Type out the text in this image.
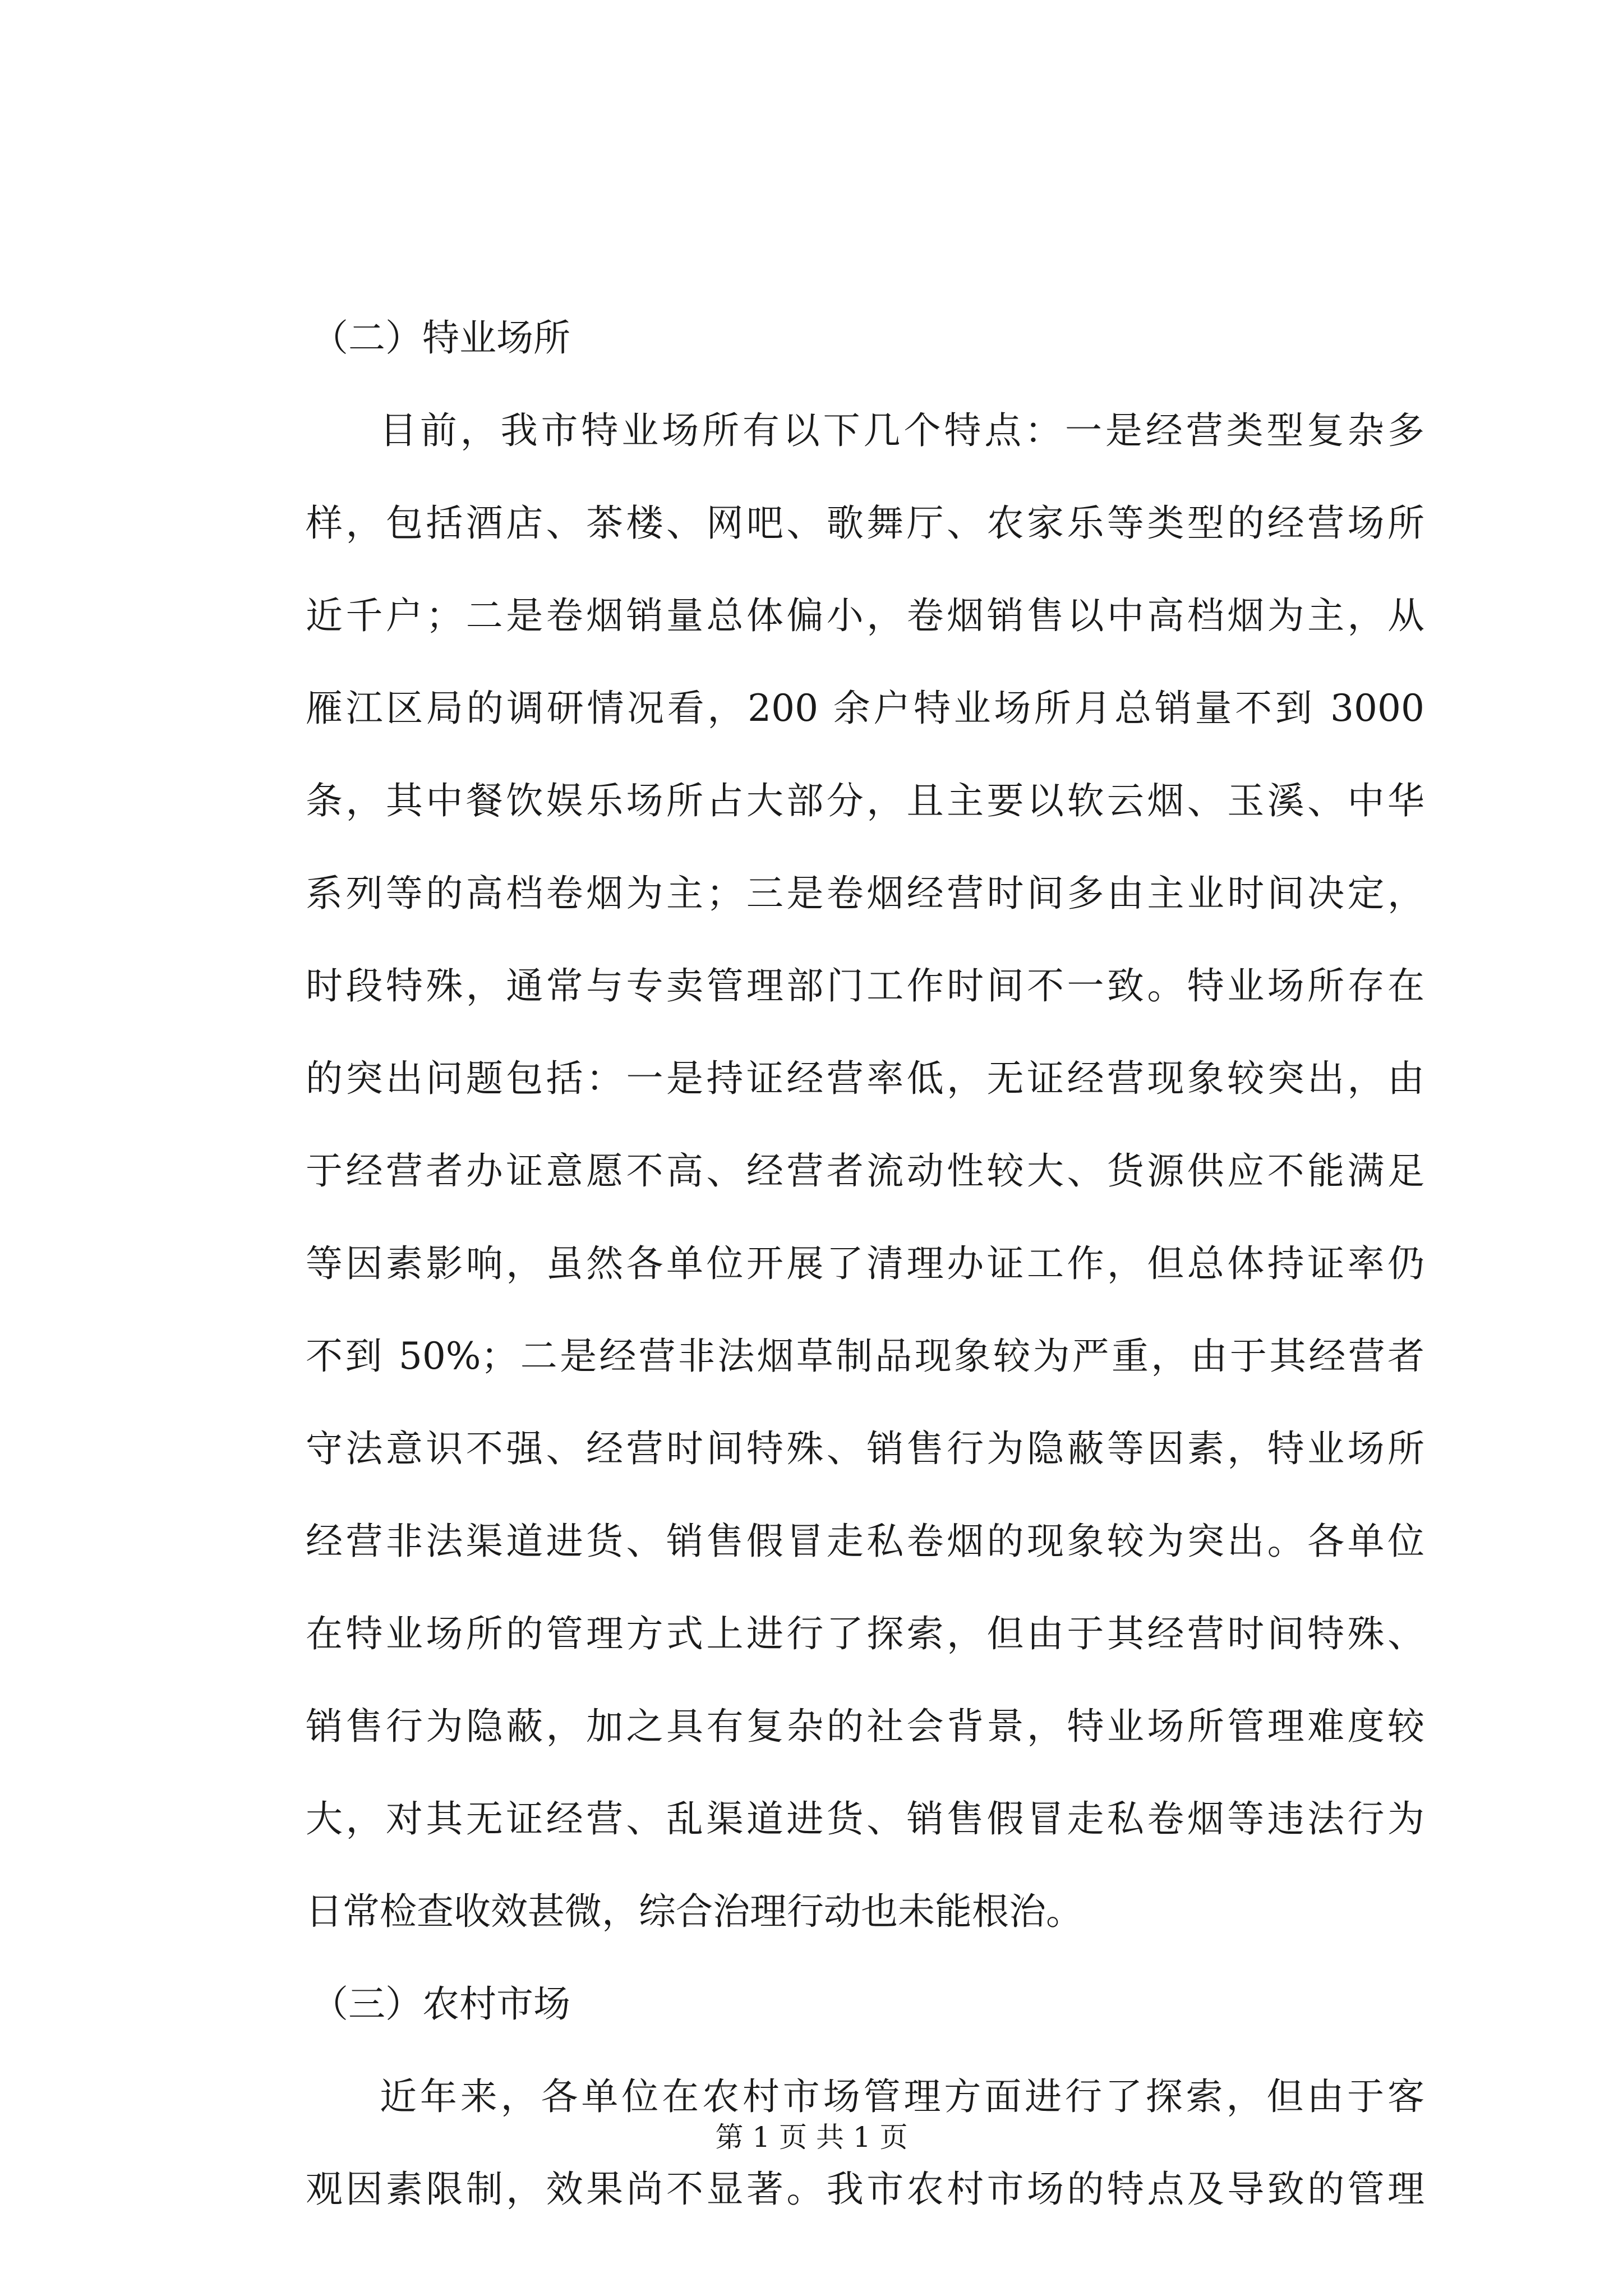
（二）特业场所
目前，我市特业场所有以下几个特点：一是经营类型复杂多
样，包括酒店、茶楼、网吧、歌舞厅、农家乐等类型的经营场所
近千户；二是卷烟销量总体偏小，卷烟销售以中高档烟为主，从
雁江区局的调研情况看，200 余户特业场所月总销量不到 3000
条，其中餐饮娱乐场所占大部分，且主要以软云烟、玉溪、中华
系列等的高档卷烟为主；三是卷烟经营时间多由主业时间决定，
时段特殊，通常与专卖管理部门工作时间不一致。特业场所存在
的突出问题包括：一是持证经营率低，无证经营现象较突出，由
于经营者办证意愿不高、经营者流动性较大、货源供应不能满足
等因素影响，虽然各单位开展了清理办证工作，但总体持证率仍
不到 50%；二是经营非法烟草制品现象较为严重，由于其经营者
守法意识不强、经营时间特殊、销售行为隐蔽等因素，特业场所
经营非法渠道进货、销售假冒走私卷烟的现象较为突出。各单位
在特业场所的管理方式上进行了探索，但由于其经营时间特殊、
销售行为隐蔽，加之具有复杂的社会背景，特业场所管理难度较
大，对其无证经营、乱渠道进货、销售假冒走私卷烟等违法行为
日常检查收效甚微，综合治理行动也未能根治。
（三）农村市场
近年来，各单位在农村市场管理方面进行了探索，但由于客
观因素限制，效果尚不显著。我市农村市场的特点及导致的管理
第 1 页 共 1 页
